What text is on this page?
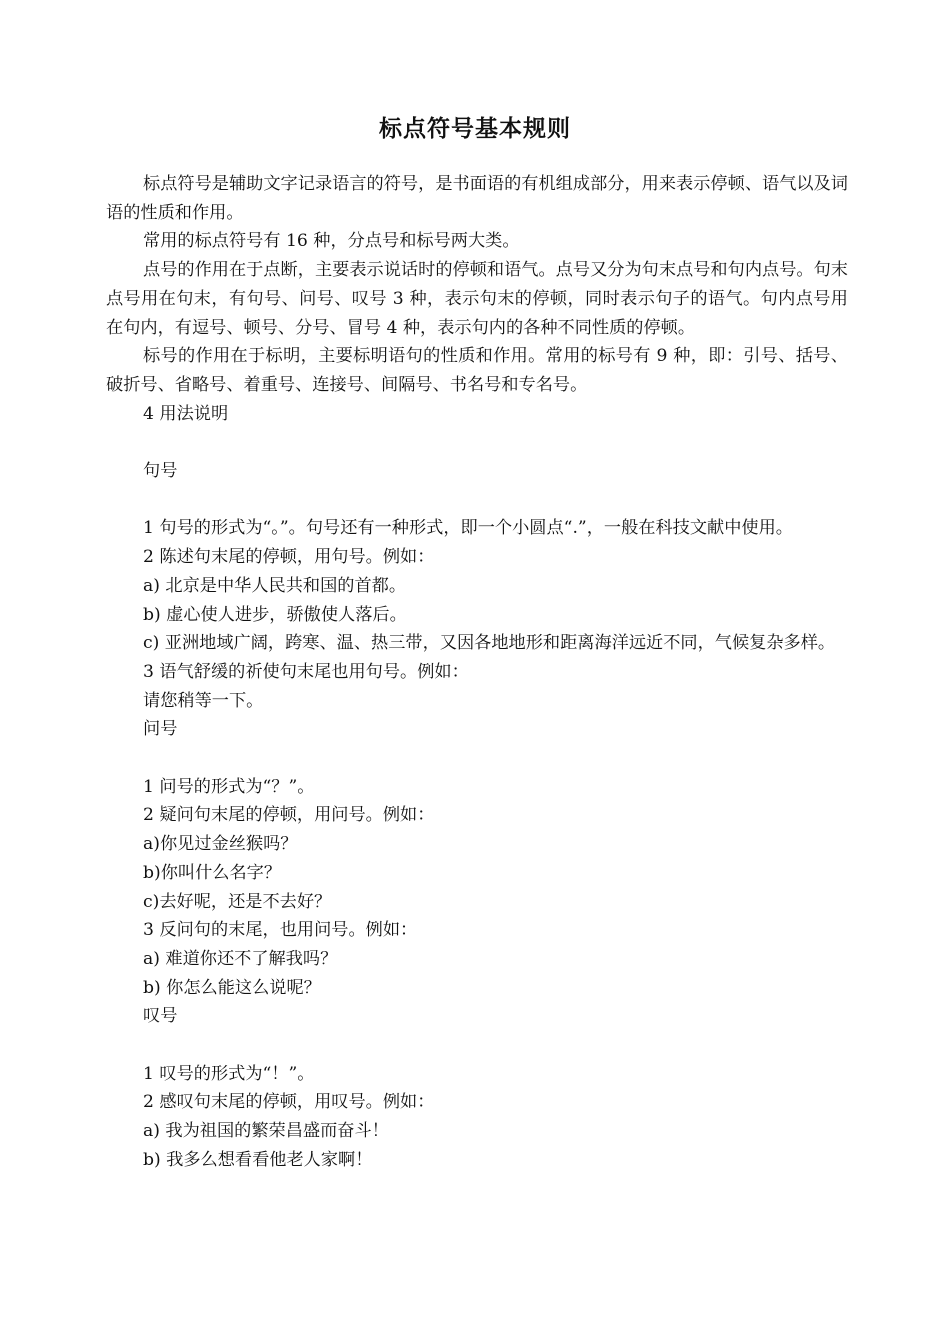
标点符号基本规则

标点符号是辅助文字记录语言的符号，是书面语的有机组成部分，用来表示停顿、语气以及词语的性质和作用。

常用的标点符号有 16 种，分点号和标号两大类。

点号的作用在于点断，主要表示说话时的停顿和语气。点号又分为句末点号和句内点号。句末点号用在句末，有句号、问号、叹号 3 种，表示句末的停顿，同时表示句子的语气。句内点号用在句内，有逗号、顿号、分号、冒号 4 种，表示句内的各种不同性质的停顿。

标号的作用在于标明，主要标明语句的性质和作用。常用的标号有 9 种，即：引号、括号、破折号、省略号、着重号、连接号、间隔号、书名号和专名号。

4 用法说明

句号

1 句号的形式为“。”。句号还有一种形式，即一个小圆点“.”，一般在科技文献中使用。

2 陈述句末尾的停顿，用句号。例如：

a) 北京是中华人民共和国的首都。

b) 虚心使人进步，骄傲使人落后。

c) 亚洲地域广阔，跨寒、温、热三带，又因各地地形和距离海洋远近不同，气候复杂多样。

3 语气舒缓的祈使句末尾也用句号。例如：

请您稍等一下。

问号

1 问号的形式为“？”。

2 疑问句末尾的停顿，用问号。例如：

a)你见过金丝猴吗？

b)你叫什么名字？

c)去好呢，还是不去好？

3 反问句的末尾，也用问号。例如：

a) 难道你还不了解我吗？

b) 你怎么能这么说呢？

叹号

1 叹号的形式为“！”。

2 感叹句末尾的停顿，用叹号。例如：

a) 我为祖国的繁荣昌盛而奋斗！

b) 我多么想看看他老人家啊！
